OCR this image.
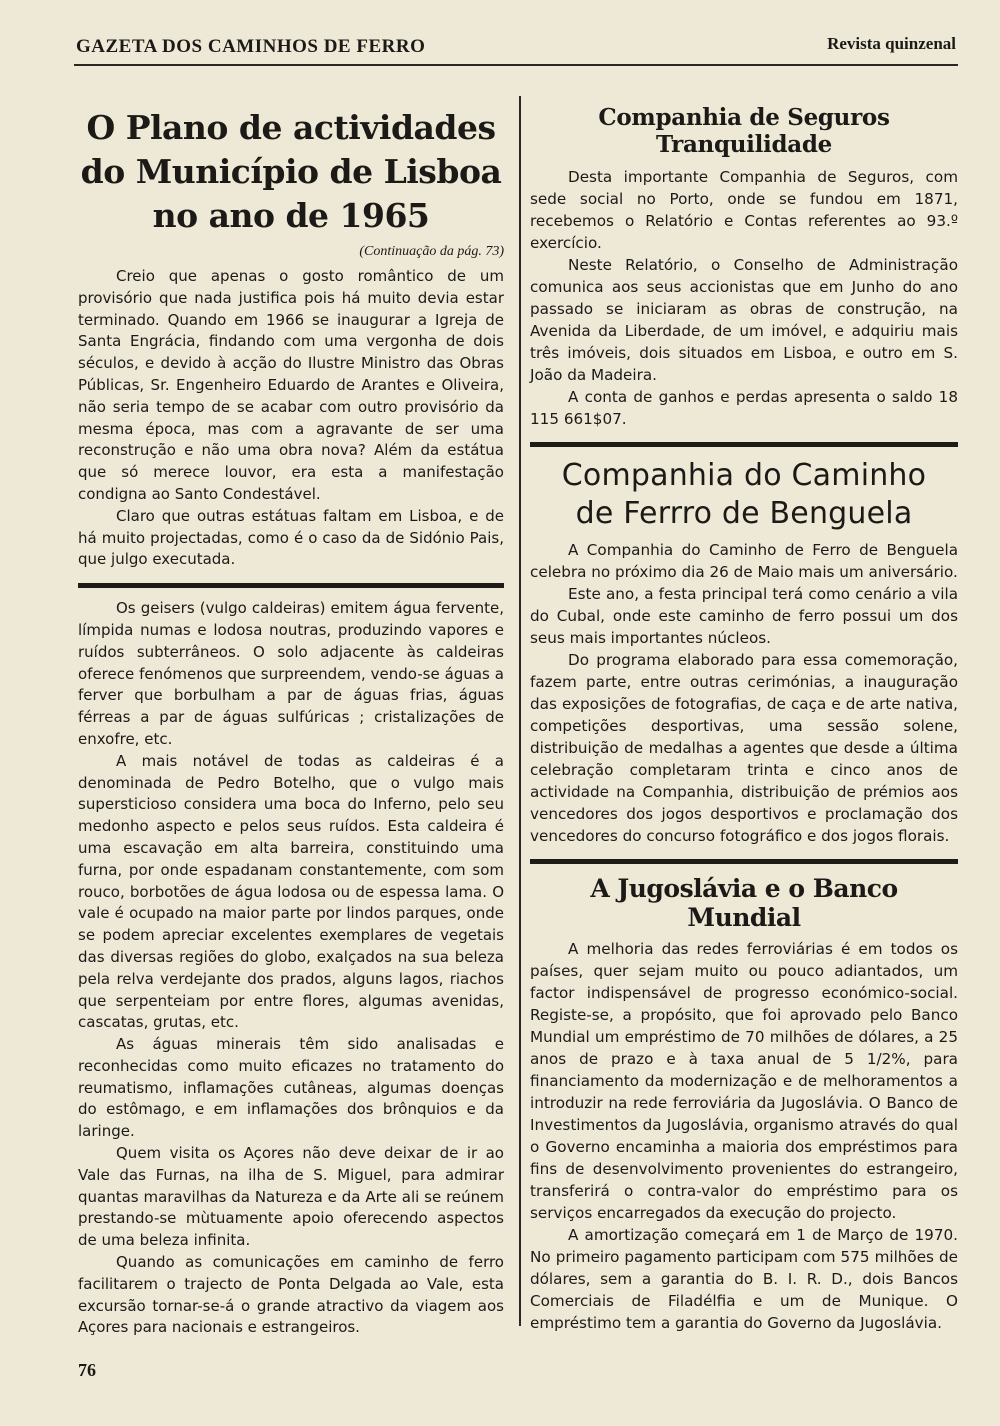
GAZETA DOS CAMINHOS DE FERRO	Revista quinzenal
O Plano de actividades
do Município de Lisboa
no ano de 1965
(Continuação da pág. 73)

Creio que apenas o gosto romântico de um provisório que nada justifica pois há muito devia estar terminado. Quando em 1966 se inaugurar a Igreja de Santa Engrácia, findando com uma vergonha de dois séculos, e devido à acção do Ilustre Ministro das Obras Públicas, Sr. Engenheiro Eduardo de Arantes e Oliveira, não seria tempo de se acabar com outro provisório da mesma época, mas com a agravante de ser uma reconstrução e não uma obra nova? Além da estátua que só merece louvor, era esta a manifestação condigna ao Santo Condestável.

Claro que outras estátuas faltam em Lisboa, e de há muito projectadas, como é o caso da de Sidónio Pais, que julgo executada.

Os geisers (vulgo caldeiras) emitem água fervente, límpida numas e lodosa noutras, produzindo vapores e ruídos subterrâneos. O solo adjacente às caldeiras oferece fenómenos que surpreendem, vendo-se águas a ferver que borbulham a par de águas frias, águas férreas a par de águas sulfúricas ; cristalizações de enxofre, etc.

A mais notável de todas as caldeiras é a denominada de Pedro Botelho, que o vulgo mais supersticioso considera uma boca do Inferno, pelo seu medonho aspecto e pelos seus ruídos. Esta caldeira é uma escavação em alta barreira, constituindo uma furna, por onde espadanam constantemente, com som rouco, borbotões de água lodosa ou de espessa lama. O vale é ocupado na maior parte por lindos parques, onde se podem apreciar excelentes exemplares de vegetais das diversas regiões do globo, exalçados na sua beleza pela relva verdejante dos prados, alguns lagos, riachos que serpenteiam por entre flores, algumas avenidas, cascatas, grutas, etc.

As águas minerais têm sido analisadas e reconhecidas como muito eficazes no tratamento do reumatismo, inflamações cutâneas, algumas doenças do estômago, e em inflamações dos brônquios e da laringe.

Quem visita os Açores não deve deixar de ir ao Vale das Furnas, na ilha de S. Miguel, para admirar quantas maravilhas da Natureza e da Arte ali se reúnem prestando-se mùtuamente apoio oferecendo aspectos de uma beleza infinita.

Quando as comunicações em caminho de ferro facilitarem o trajecto de Ponta Delgada ao Vale, esta excursão tornar-se-á o grande atractivo da viagem aos Açores para nacionais e estrangeiros.

Companhia de Seguros Tranquilidade

Desta importante Companhia de Seguros, com sede social no Porto, onde se fundou em 1871, recebemos o Relatório e Contas referentes ao 93.º exercício.

Neste Relatório, o Conselho de Administração comunica aos seus accionistas que em Junho do ano passado se iniciaram as obras de construção, na Avenida da Liberdade, de um imóvel, e adquiriu mais três imóveis, dois situados em Lisboa, e outro em S. João da Madeira.

A conta de ganhos e perdas apresenta o saldo 18 115 661$07.

Companhia do Caminho
de Ferrro de Benguela

A Companhia do Caminho de Ferro de Benguela celebra no próximo dia 26 de Maio mais um aniversário.

Este ano, a festa principal terá como cenário a vila do Cubal, onde este caminho de ferro possui um dos seus mais importantes núcleos.

Do programa elaborado para essa comemoração, fazem parte, entre outras cerimónias, a inauguração das exposições de fotografias, de caça e de arte nativa, competições desportivas, uma sessão solene, distribuição de medalhas a agentes que desde a última celebração completaram trinta e cinco anos de actividade na Companhia, distribuição de prémios aos vencedores dos jogos desportivos e proclamação dos vencedores do concurso fotográfico e dos jogos florais.

A Jugoslávia e o Banco Mundial

A melhoria das redes ferroviárias é em todos os países, quer sejam muito ou pouco adiantados, um factor indispensável de progresso económico-social. Registe-se, a propósito, que foi aprovado pelo Banco Mundial um empréstimo de 70 milhões de dólares, a 25 anos de prazo e à taxa anual de 5 1/2%, para financiamento da modernização e de melhoramentos a introduzir na rede ferroviária da Jugoslávia. O Banco de Investimentos da Jugoslávia, organismo através do qual o Governo encaminha a maioria dos empréstimos para fins de desenvolvimento provenientes do estrangeiro, transferirá o contra-valor do empréstimo para os serviços encarregados da execução do projecto.

A amortização começará em 1 de Março de 1970. No primeiro pagamento participam com 575 milhões de dólares, sem a garantia do B. I. R. D., dois Bancos Comerciais de Filadélfia e um de Munique. O empréstimo tem a garantia do Governo da Jugoslávia.

76
